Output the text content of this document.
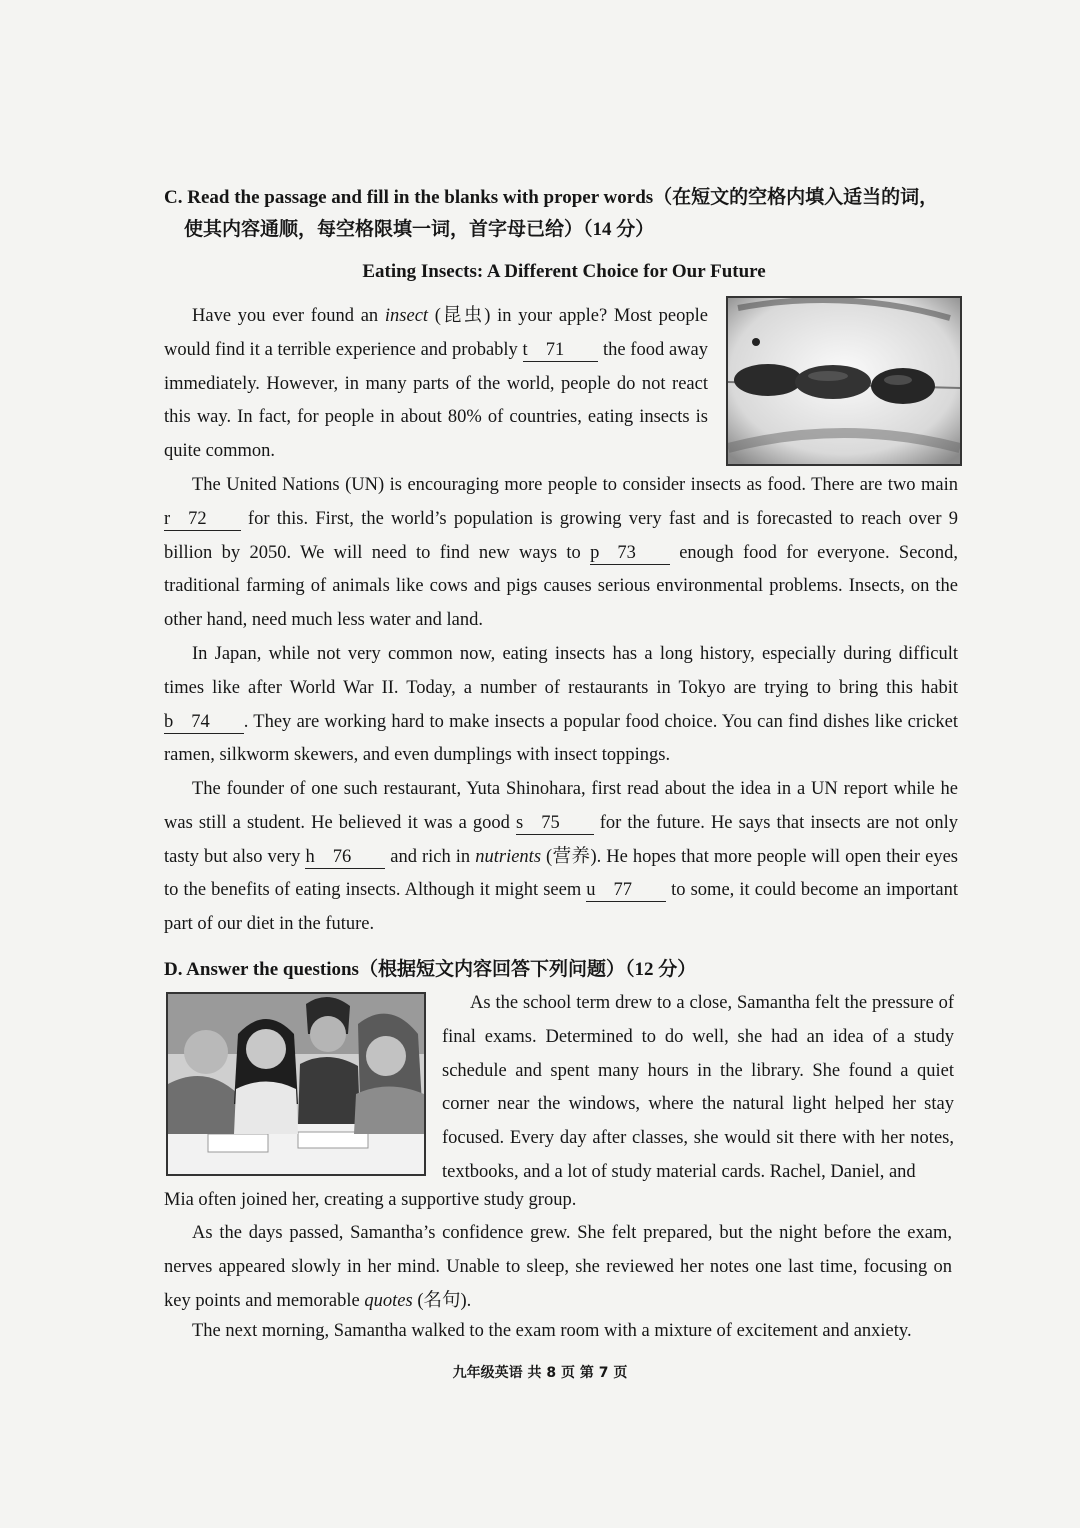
C. Read the passage and fill in the blanks with proper words（在短文的空格内填入适当的词，
使其内容通顺，每空格限填一词，首字母已给）（14 分）
Eating Insects: A Different Choice for Our Future

Have you ever found an insect (昆虫) in your apple? Most people would find it a terrible experience and probably t 71 the food away immediately. However, in many parts of the world, people do not react this way. In fact, for people in about 80% of countries, eating insects is quite common.

The United Nations (UN) is encouraging more people to consider insects as food. There are two main r 72 for this. First, the world’s population is growing very fast and is forecasted to reach over 9 billion by 2050. We will need to find new ways to p 73 enough food for everyone. Second, traditional farming of animals like cows and pigs causes serious environmental problems. Insects, on the other hand, need much less water and land.

In Japan, while not very common now, eating insects has a long history, especially during difficult times like after World War II. Today, a number of restaurants in Tokyo are trying to bring this habit b 74 . They are working hard to make insects a popular food choice. You can find dishes like cricket ramen, silkworm skewers, and even dumplings with insect toppings.

The founder of one such restaurant, Yuta Shinohara, first read about the idea in a UN report while he was still a student. He believed it was a good s 75 for the future. He says that insects are not only tasty but also very h 76 and rich in nutrients (营养). He hopes that more people will open their eyes to the benefits of eating insects. Although it might seem u 77 to some, it could become an important part of our diet in the future.

D. Answer the questions（根据短文内容回答下列问题）（12 分）

As the school term drew to a close, Samantha felt the pressure of final exams. Determined to do well, she had an idea of a study schedule and spent many hours in the library. She found a quiet corner near the windows, where the natural light helped her stay focused. Every day after classes, she would sit there with her notes, textbooks, and a lot of study material cards. Rachel, Daniel, and

Mia often joined her, creating a supportive study group.

As the days passed, Samantha’s confidence grew. She felt prepared, but the night before the exam, nerves appeared slowly in her mind. Unable to sleep, she reviewed her notes one last time, focusing on key points and memorable quotes (名句).

The next morning, Samantha walked to the exam room with a mixture of excitement and anxiety.

九年级英语 共 8 页 第 7 页
